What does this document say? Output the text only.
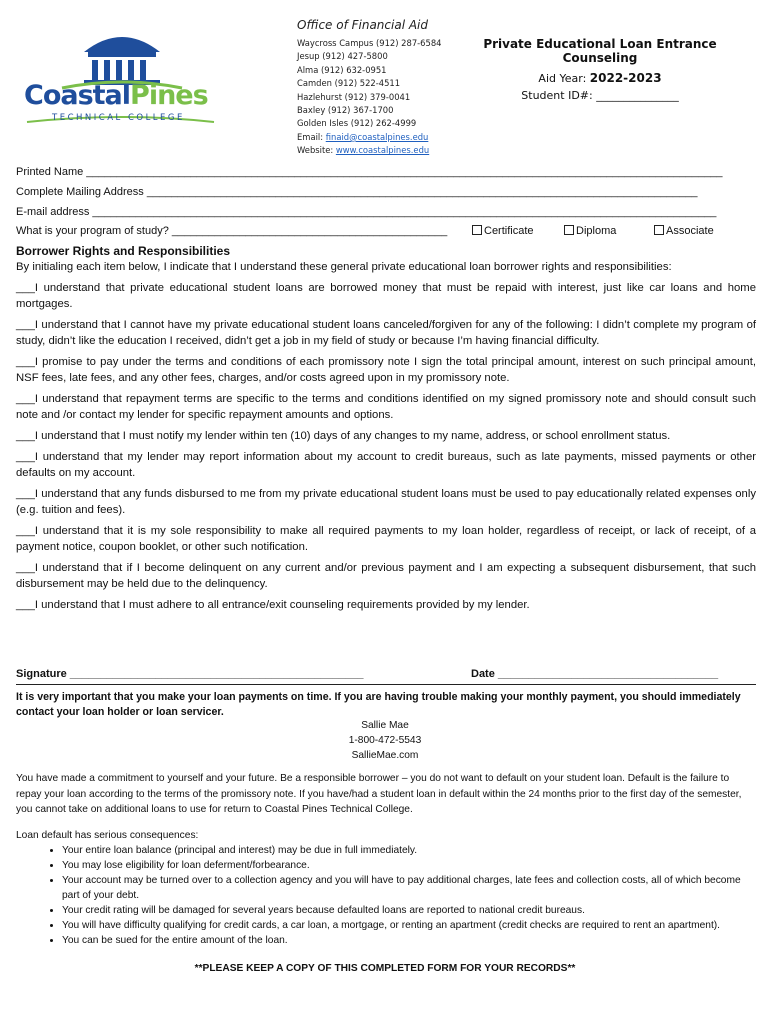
CoastalPines
TECHNICAL COLLEGE
Office of Financial Aid
Waycross Campus (912) 287-6584
Jesup (912) 427-5800
Alma (912) 632-0951
Camden (912) 522-4511
Hazlehurst (912) 379-0041
Baxley (912) 367-1700
Golden Isles (912) 262-4999
Email: finaid@coastalpines.edu
Website: www.coastalpines.edu
Private Educational Loan Entrance Counseling
Aid Year: 2022-2023
Student ID#: _______________
Printed Name ________________________________________________________________________________________________________
Complete Mailing Address __________________________________________________________________________________________
E-mail address ______________________________________________________________________________________________________
What is your program of study? _____________________________________________	Certificate	Diploma	Associate
Borrower Rights and Responsibilities

By initialing each item below, I indicate that I understand these general private educational loan borrower rights and responsibilities:

___I understand that private educational student loans are borrowed money that must be repaid with interest, just like car loans and home mortgages.

___I understand that I cannot have my private educational student loans canceled/forgiven for any of the following: I didn’t complete my program of study, didn’t like the education I received, didn’t get a job in my field of study or because I’m having financial difficulty.

___I promise to pay under the terms and conditions of each promissory note I sign the total principal amount, interest on such principal amount, NSF fees, late fees, and any other fees, charges, and/or costs agreed upon in my promissory note.

___I understand that repayment terms are specific to the terms and conditions identified on my signed promissory note and should consult such note and /or contact my lender for specific repayment amounts and options.

___I understand that I must notify my lender within ten (10) days of any changes to my name, address, or school enrollment status.

___I understand that my lender may report information about my account to credit bureaus, such as late payments, missed payments or other defaults on my account.

___I understand that any funds disbursed to me from my private educational student loans must be used to pay educationally related expenses only (e.g. tuition and fees).

___I understand that it is my sole responsibility to make all required payments to my loan holder, regardless of receipt, or lack of receipt, of a payment notice, coupon booklet, or other such notification.

___I understand that if I become delinquent on any current and/or previous payment and I am expecting a subsequent disbursement, that such disbursement may be held due to the delinquency.

___I understand that I must adhere to all entrance/exit counseling requirements provided by my lender.

Signature ________________________________________________	Date ____________________________________
It is very important that you make your loan payments on time. If you are having trouble making your monthly payment, you should immediately contact your loan holder or loan servicer.
Sallie Mae
1-800-472-5543
SallieMae.com
You have made a commitment to yourself and your future. Be a responsible borrower – you do not want to default on your student loan. Default is the failure to repay your loan according to the terms of the promissory note. If you have/had a student loan in default within the 24 months prior to the first day of the semester, you cannot take on additional loans to use for return to Coastal Pines Technical College.
Loan default has serious consequences:
• Your entire loan balance (principal and interest) may be due in full immediately.
• You may lose eligibility for loan deferment/forbearance.
• Your account may be turned over to a collection agency and you will have to pay additional charges, late fees and collection costs, all of which become part of your debt.
• Your credit rating will be damaged for several years because defaulted loans are reported to national credit bureaus.
• You will have difficulty qualifying for credit cards, a car loan, a mortgage, or renting an apartment (credit checks are required to rent an apartment).
• You can be sued for the entire amount of the loan.
**PLEASE KEEP A COPY OF THIS COMPLETED FORM FOR YOUR RECORDS**
